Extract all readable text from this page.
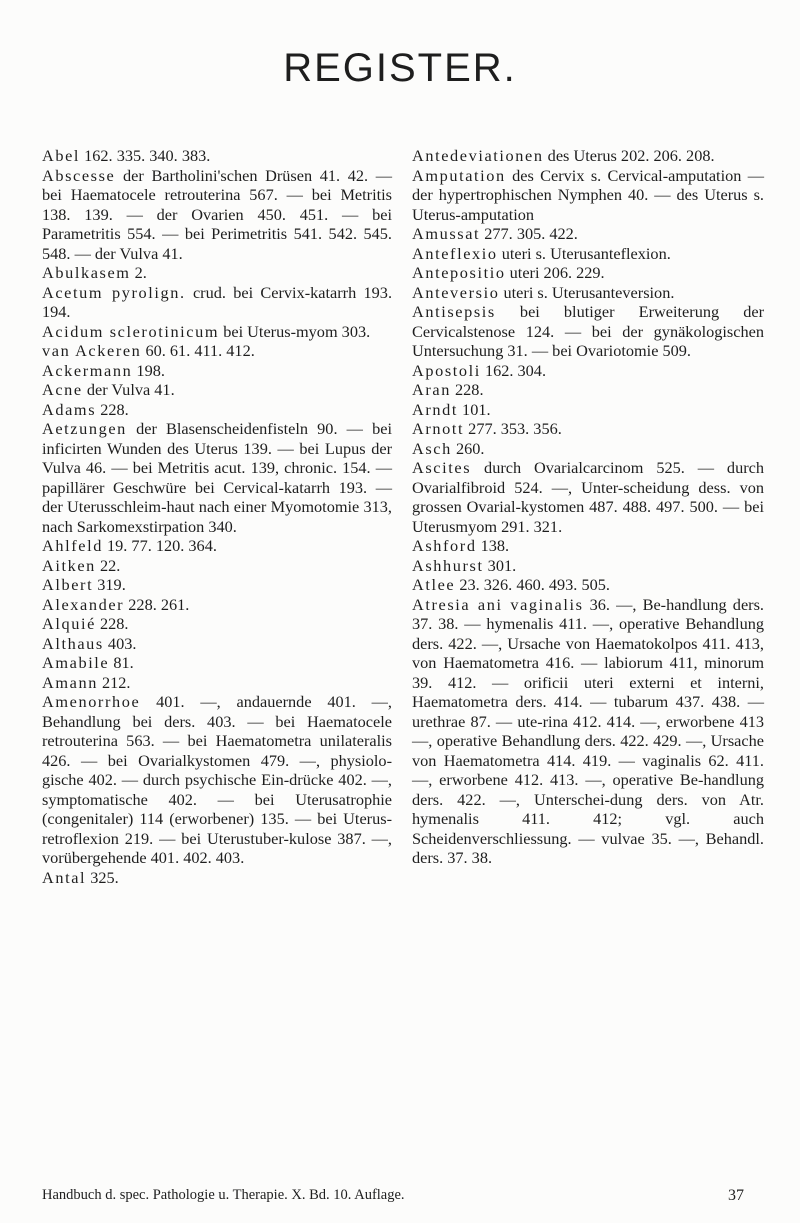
REGISTER.

Abel 162. 335. 340. 383.

Abscesse der Bartholini'schen Drüsen 41. 42. — bei Haematocele retrouterina 567. — bei Metritis 138. 139. — der Ovarien 450. 451. — bei Parametritis 554. — bei Perimetritis 541. 542. 545. 548. — der Vulva 41.

Abulkasem 2.

Acetum pyrolign. crud. bei Cervix-katarrh 193. 194.

Acidum sclerotinicum bei Uterus-myom 303.

van Ackeren 60. 61. 411. 412.

Ackermann 198.

Acne der Vulva 41.

Adams 228.

Aetzungen der Blasenscheidenfisteln 90. — bei inficirten Wunden des Uterus 139. — bei Lupus der Vulva 46. — bei Metritis acut. 139, chronic. 154. — papillärer Geschwüre bei Cervical-katarrh 193. — der Uterusschleim-haut nach einer Myomotomie 313, nach Sarkomexstirpation 340.

Ahlfeld 19. 77. 120. 364.

Aitken 22.

Albert 319.

Alexander 228. 261.

Alquié 228.

Althaus 403.

Amabile 81.

Amann 212.

Amenorrhoe 401. —, andauernde 401. —, Behandlung bei ders. 403. — bei Haematocele retrouterina 563. — bei Haematometra unilateralis 426. — bei Ovarialkystomen 479. —, physiolo-gische 402. — durch psychische Ein-drücke 402. —, symptomatische 402. — bei Uterusatrophie (congenitaler) 114 (erworbener) 135. — bei Uterus-retroflexion 219. — bei Uterustuber-kulose 387. —, vorübergehende 401. 402. 403.

Antal 325.

Antedeviationen des Uterus 202. 206. 208.

Amputation des Cervix s. Cervical-amputation — der hypertrophischen Nymphen 40. — des Uterus s. Uterus-amputation

Amussat 277. 305. 422.

Anteflexio uteri s. Uterusanteflexion.

Antepositio uteri 206. 229.

Anteversio uteri s. Uterusanteversion.

Antisepsis bei blutiger Erweiterung der Cervicalstenose 124. — bei der gynäkologischen Untersuchung 31. — bei Ovariotomie 509.

Apostoli 162. 304.

Aran 228.

Arndt 101.

Arnott 277. 353. 356.

Asch 260.

Ascites durch Ovarialcarcinom 525. — durch Ovarialfibroid 524. —, Unter-scheidung dess. von grossen Ovarial-kystomen 487. 488. 497. 500. — bei Uterusmyom 291. 321.

Ashford 138.

Ashhurst 301.

Atlee 23. 326. 460. 493. 505.

Atresia ani vaginalis 36. —, Be-handlung ders. 37. 38. — hymenalis 411. —, operative Behandlung ders. 422. —, Ursache von Haematokolpos 411. 413, von Haematometra 416. — labiorum 411, minorum 39. 412. — orificii uteri externi et interni, Haematometra ders. 414. — tubarum 437. 438. — urethrae 87. — ute-rina 412. 414. —, erworbene 413 —, operative Behandlung ders. 422. 429. —, Ursache von Haematometra 414. 419. — vaginalis 62. 411. —, erworbene 412. 413. —, operative Be-handlung ders. 422. —, Unterschei-dung ders. von Atr. hymenalis 411. 412; vgl. auch Scheidenverschliessung. — vulvae 35. —, Behandl. ders. 37. 38.

Handbuch d. spec. Pathologie u. Therapie. X. Bd. 10. Auflage.	37
